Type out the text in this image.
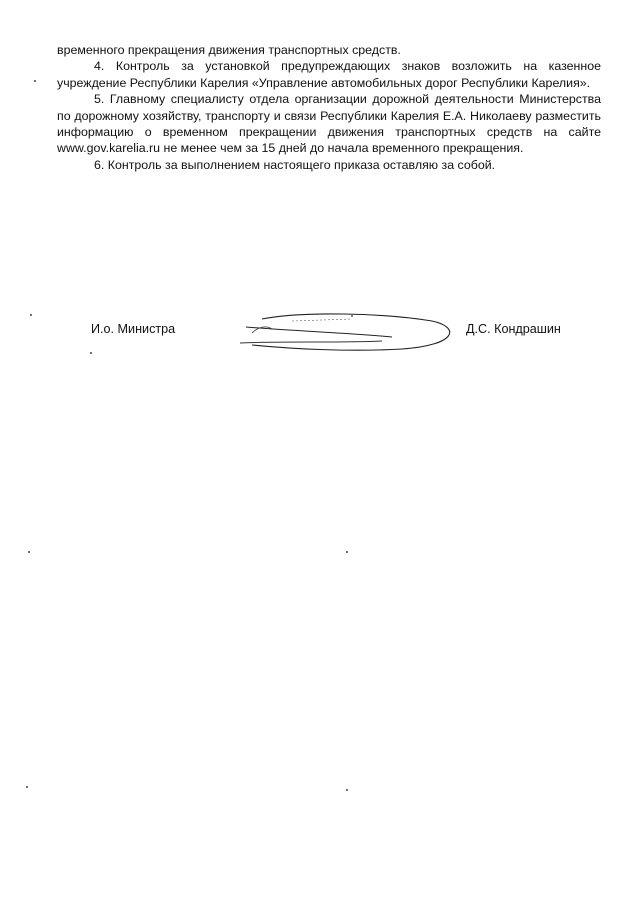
временного прекращения движения транспортных средств.

4. Контроль за установкой предупреждающих знаков возложить на казенное учреждение Республики Карелия «Управление автомобильных дорог Республики Карелия».

5. Главному специалисту отдела организации дорожной деятельности Министерства по дорожному хозяйству, транспорту и связи Республики Карелия Е.А. Николаеву разместить информацию о временном прекращении движения транспортных средств на сайте www.gov.karelia.ru не менее чем за 15 дней до начала временного прекращения.

6. Контроль за выполнением настоящего приказа оставляю за собой.

И.о. Министра	Д.С. Кондрашин
